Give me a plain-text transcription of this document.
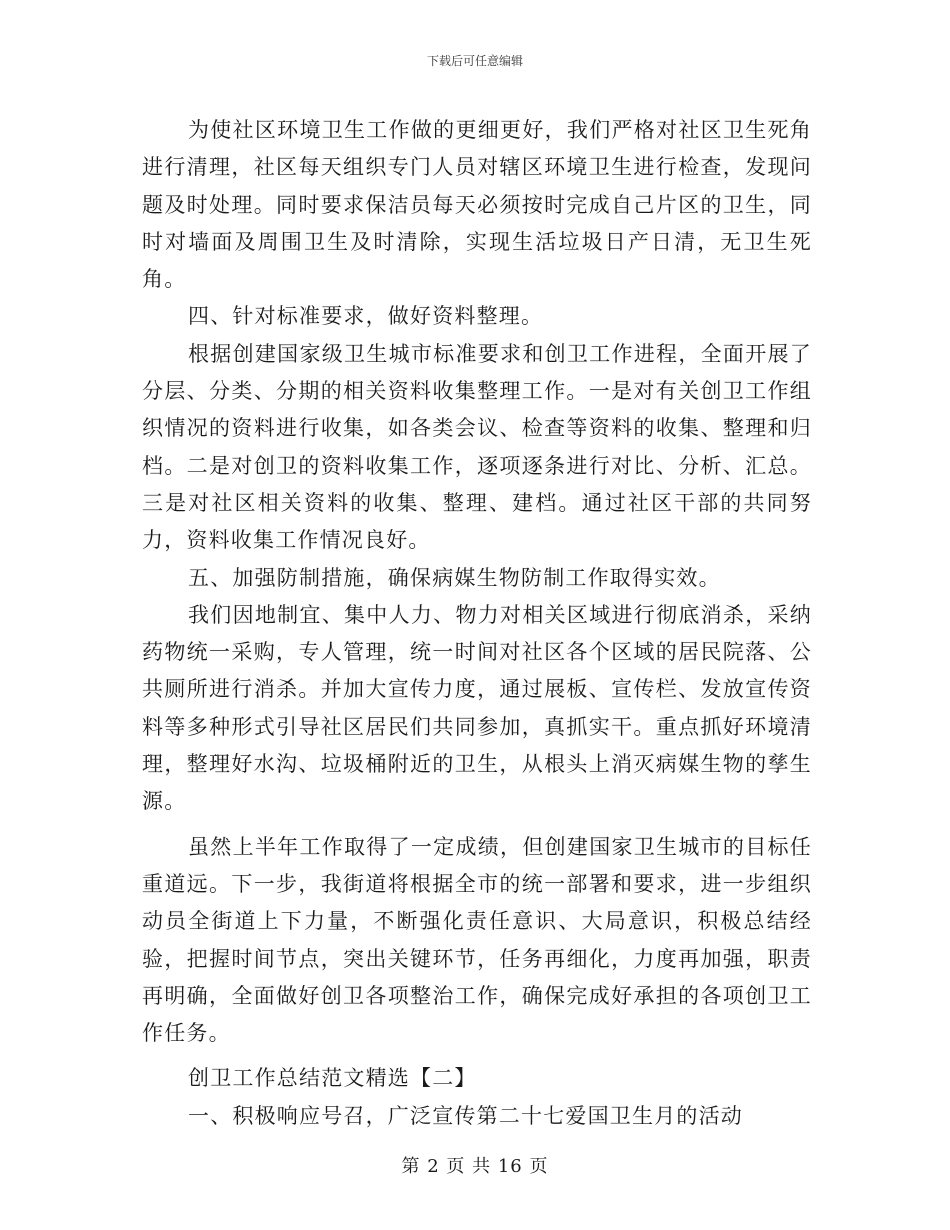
下载后可任意编辑

为使社区环境卫生工作做的更细更好，我们严格对社区卫生死角进行清理，社区每天组织专门人员对辖区环境卫生进行检查，发现问题及时处理。同时要求保洁员每天必须按时完成自己片区的卫生，同时对墙面及周围卫生及时清除，实现生活垃圾日产日清，无卫生死角。

四、针对标准要求，做好资料整理。

根据创建国家级卫生城市标准要求和创卫工作进程，全面开展了分层、分类、分期的相关资料收集整理工作。一是对有关创卫工作组织情况的资料进行收集，如各类会议、检查等资料的收集、整理和归档。二是对创卫的资料收集工作，逐项逐条进行对比、分析、汇总。三是对社区相关资料的收集、整理、建档。通过社区干部的共同努力，资料收集工作情况良好。

五、加强防制措施，确保病媒生物防制工作取得实效。

我们因地制宜、集中人力、物力对相关区域进行彻底消杀，采纳药物统一采购，专人管理，统一时间对社区各个区域的居民院落、公共厕所进行消杀。并加大宣传力度，通过展板、宣传栏、发放宣传资料等多种形式引导社区居民们共同参加，真抓实干。重点抓好环境清理，整理好水沟、垃圾桶附近的卫生，从根头上消灭病媒生物的孳生源。

虽然上半年工作取得了一定成绩，但创建国家卫生城市的目标任重道远。下一步，我街道将根据全市的统一部署和要求，进一步组织动员全街道上下力量，不断强化责任意识、大局意识，积极总结经验，把握时间节点，突出关键环节，任务再细化，力度再加强，职责再明确，全面做好创卫各项整治工作，确保完成好承担的各项创卫工作任务。

创卫工作总结范文精选【二】

一、积极响应号召，广泛宣传第二十七爱国卫生月的活动

第 2 页 共 16 页
